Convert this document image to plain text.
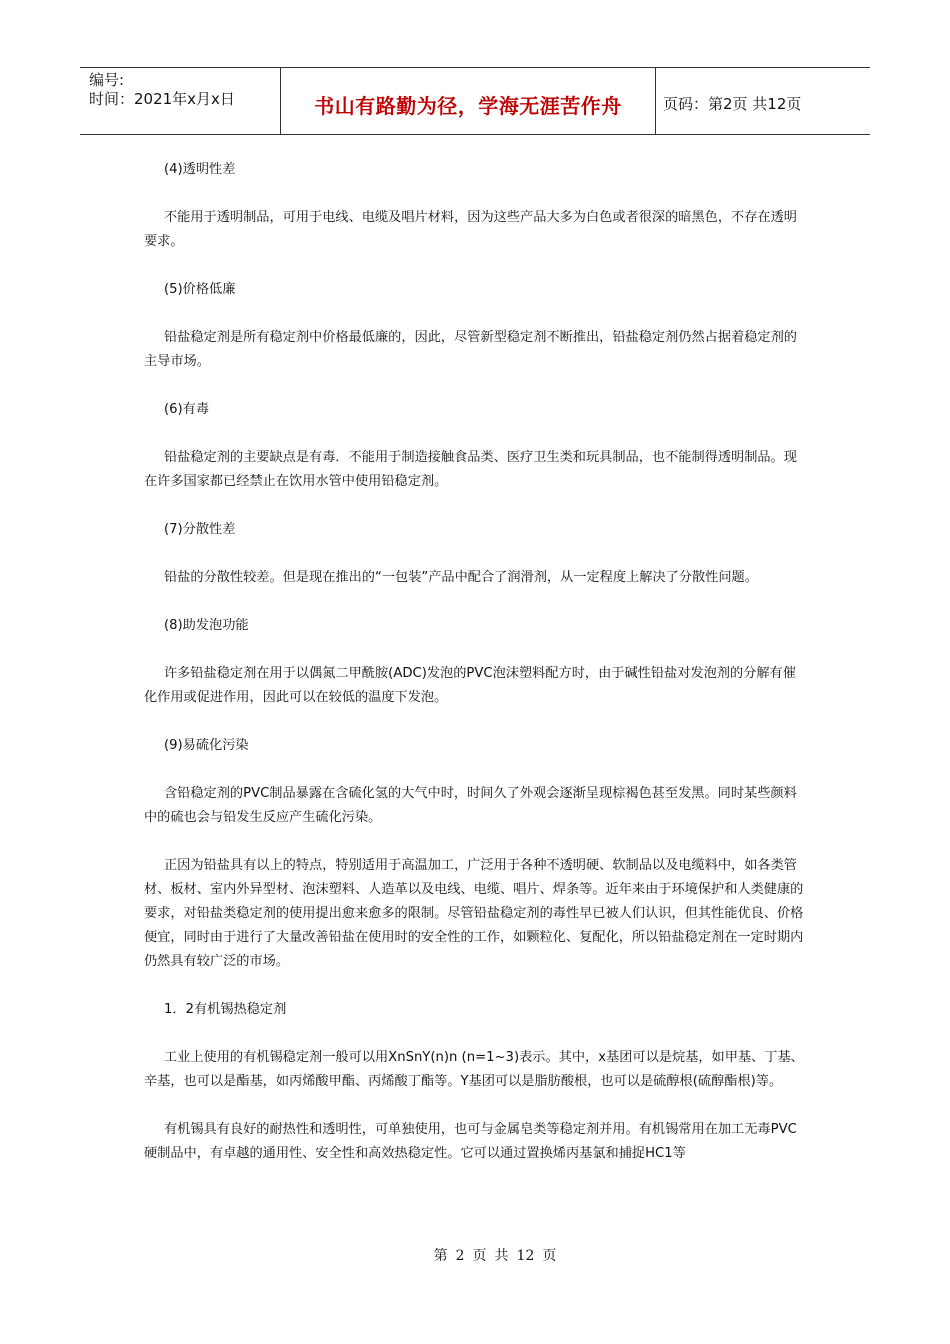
编号:
时间：2021年x月x日	书山有路勤为径，学海无涯苦作舟	页码：第2页 共12页

(4)透明性差

不能用于透明制品，可用于电线、电缆及唱片材料，因为这些产品大多为白色或者很深的暗黑色，不存在透明要求。

(5)价格低廉

铅盐稳定剂是所有稳定剂中价格最低廉的，因此，尽管新型稳定剂不断推出，铅盐稳定剂仍然占据着稳定剂的主导市场。

(6)有毒

铅盐稳定剂的主要缺点是有毒．不能用于制造接触食品类、医疗卫生类和玩具制品，也不能制得透明制品。现在许多国家都已经禁止在饮用水管中使用铅稳定剂。

(7)分散性差

铅盐的分散性较差。但是现在推出的“一包装”产品中配合了润滑剂，从一定程度上解决了分散性问题。

(8)助发泡功能

许多铅盐稳定剂在用于以偶氮二甲酰胺(ADC)发泡的PVC泡沫塑料配方时，由于碱性铅盐对发泡剂的分解有催化作用或促进作用，因此可以在较低的温度下发泡。

(9)易硫化污染

含铅稳定剂的PVC制品暴露在含硫化氢的大气中时，时间久了外观会逐渐呈现棕褐色甚至发黑。同时某些颜料中的硫也会与铅发生反应产生硫化污染。

正因为铅盐具有以上的特点，特别适用于高温加工，广泛用于各种不透明硬、软制品以及电缆料中，如各类管材、板材、室内外异型材、泡沫塑料、人造革以及电线、电缆、唱片、焊条等。近年来由于环境保护和人类健康的要求，对铅盐类稳定剂的使用提出愈来愈多的限制。尽管铅盐稳定剂的毒性早已被人们认识，但其性能优良、价格便宜，同时由于进行了大量改善铅盐在使用时的安全性的工作，如颗粒化、复配化，所以铅盐稳定剂在一定时期内仍然具有较广泛的市场。

1．2有机锡热稳定剂

工业上使用的有机锡稳定剂一般可以用XnSnY(n)n (n=1~3)表示。其中，x基团可以是烷基，如甲基、丁基、辛基，也可以是酯基，如丙烯酸甲酯、丙烯酸丁酯等。Y基团可以是脂肪酸根，也可以是硫醇根(硫醇酯根)等。

有机锡具有良好的耐热性和透明性，可单独使用，也可与金属皂类等稳定剂并用。有机锡常用在加工无毒PVC硬制品中，有卓越的通用性、安全性和高效热稳定性。它可以通过置换烯丙基氯和捕捉HC1等

第 2 页 共 12 页
